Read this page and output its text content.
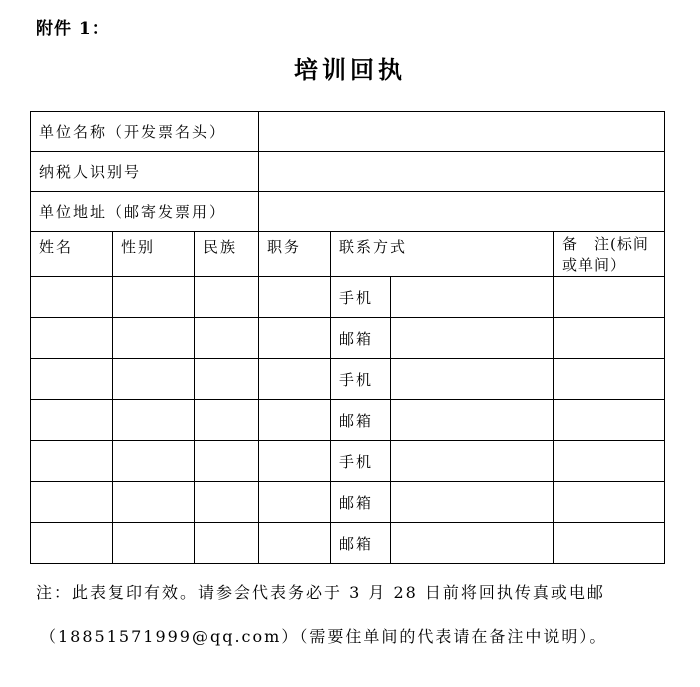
附件 1：
培训回执
单位名称（开发票名头）						
纳税人识别号						
单位地址（邮寄发票用）						
姓名	性别	民族	职务	联系方式		备　注(标间
或单间）

				手机		
				邮箱		
				手机		
				邮箱		
				手机		
				邮箱		
				邮箱		
注：此表复印有效。请参会代表务必于 3 月 28 日前将回执传真或电邮
（18851571999@qq.com）（需要住单间的代表请在备注中说明）。
